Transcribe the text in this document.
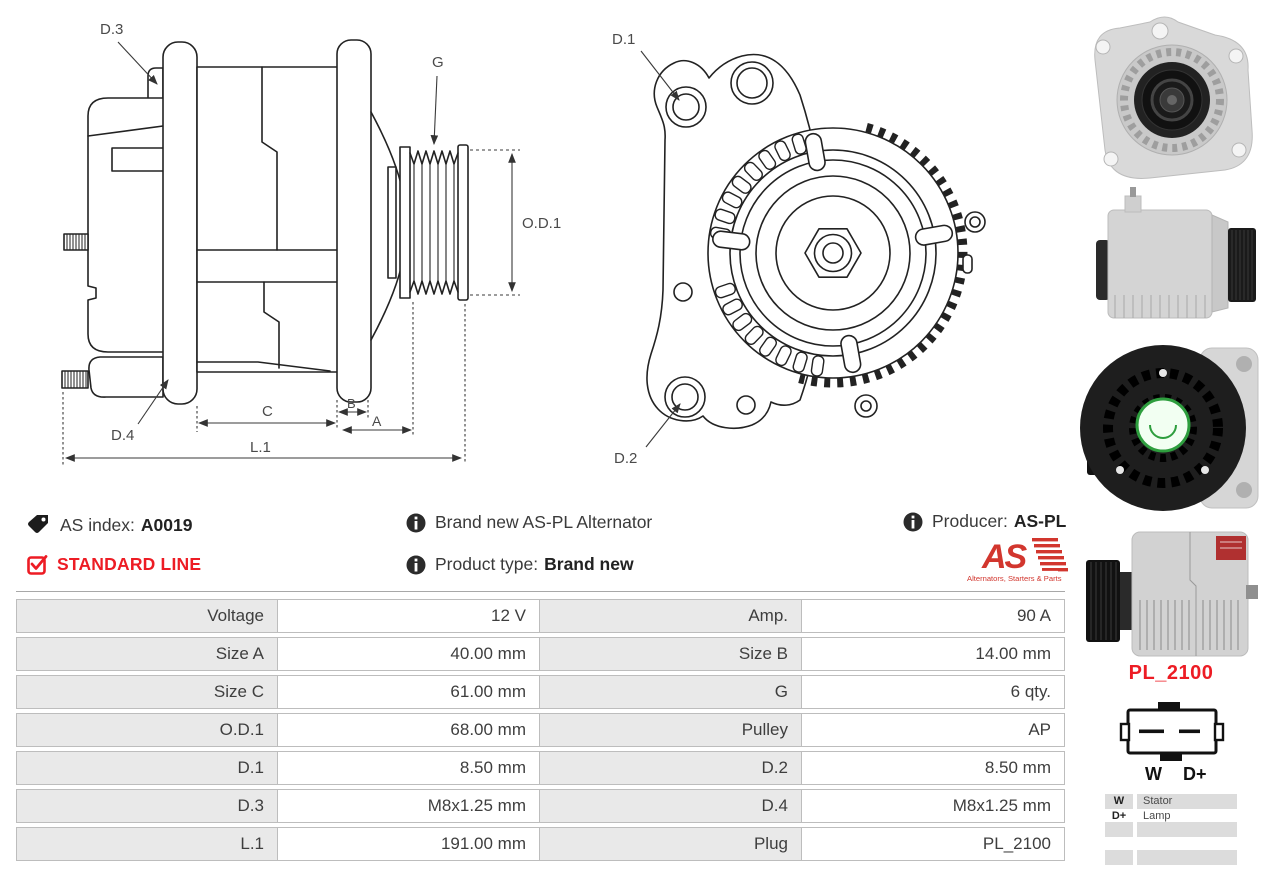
D.3
G
O.D.1
D.4
C	B
A
L.1
D.1
D.2
AS index: A0019
STANDARD LINE
Brand new AS-PL Alternator
Product type: Brand new
Producer: AS-PL
AS
Alternators, Starters & Parts
Voltage	12 V	Amp.	90 A
Size A	40.00 mm	Size B	14.00 mm
Size C	61.00 mm	G	6 qty.
O.D.1	68.00 mm	Pulley	AP
D.1	8.50 mm	D.2	8.50 mm
D.3	M8x1.25 mm	D.4	M8x1.25 mm
L.1	191.00 mm	Plug	PL_2100
PL_2100
W D+
W	Stator
D+	Lamp
